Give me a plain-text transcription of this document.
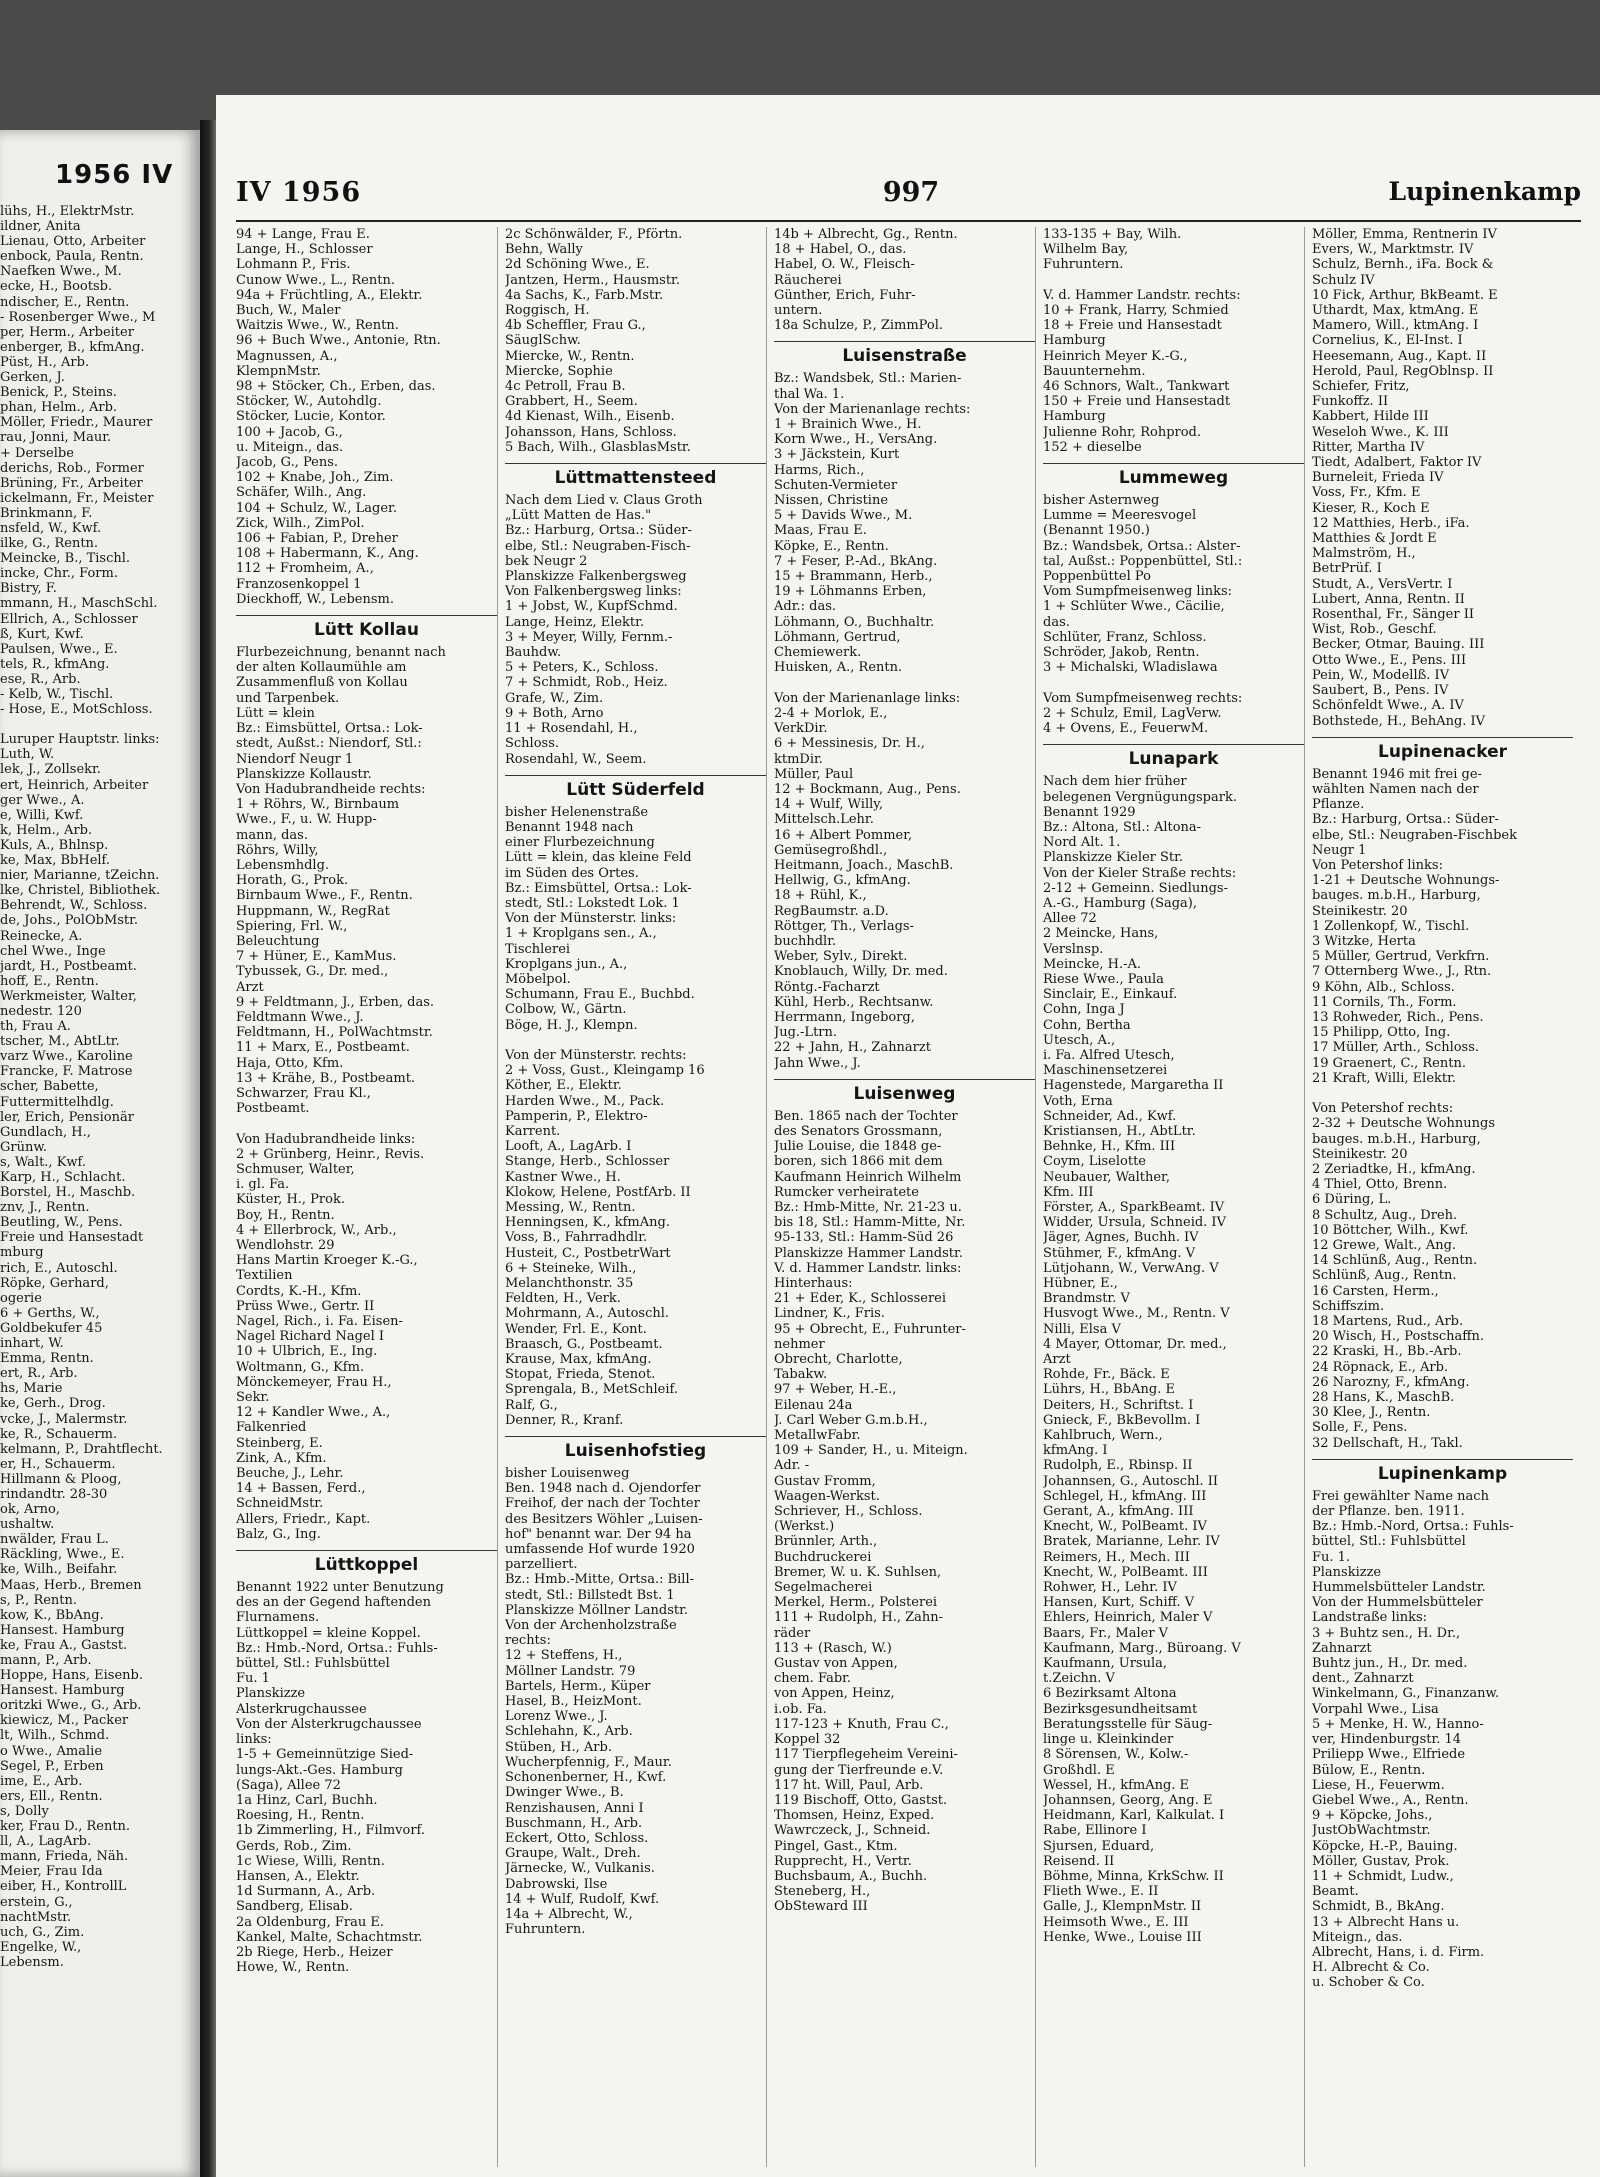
1956 IV
lühs, H., ElektrMstr.
ildner, Anita
Lienau, Otto, Arbeiter
enbock, Paula, Rentn.
Naefken Wwe., M.
ecke, H., Bootsb.
ndischer, E., Rentn.
- Rosenberger Wwe., M
per, Herm., Arbeiter
enberger, B., kfmAng.
Püst, H., Arb.
Gerken, J.
Benick, P., Steins.
phan, Helm., Arb.
Möller, Friedr., Maurer
rau, Jonni, Maur.
+ Derselbe
derichs, Rob., Former
Brüning, Fr., Arbeiter
ickelmann, Fr., Meister
Brinkmann, F.
nsfeld, W., Kwf.
ilke, G., Rentn.
Meincke, B., Tischl.
incke, Chr., Form.
Bistry, F.
mmann, H., MaschSchl.
Ellrich, A., Schlosser
ß, Kurt, Kwf.
Paulsen, Wwe., E.
tels, R., kfmAng.
ese, R., Arb.
- Kelb, W., Tischl.
- Hose, E., MotSchloss.

Luruper Hauptstr. links:
Luth, W.
lek, J., Zollsekr.
ert, Heinrich, Arbeiter
ger Wwe., A.
e, Willi, Kwf.
k, Helm., Arb.
Kuls, A., Bhlnsp.
ke, Max, BbHelf.
nier, Marianne, tZeichn.
lke, Christel, Bibliothek.
Behrendt, W., Schloss.
de, Johs., PolObMstr.
Reinecke, A.
chel Wwe., Inge
jardt, H., Postbeamt.
hoff, E., Rentn.
Werkmeister, Walter,
nedestr. 120
th, Frau A.
tscher, M., AbtLtr.
varz Wwe., Karoline
Francke, F. Matrose
scher, Babette,
Futtermittelhdlg.
ler, Erich, Pensionär
Gundlach, H.,
Grünw.
s, Walt., Kwf.
Karp, H., Schlacht.
Borstel, H., Maschb.
znv, J., Rentn.
Beutling, W., Pens.
Freie und Hansestadt
mburg
rich, E., Autoschl.
Röpke, Gerhard,
ogerie
6 + Gerths, W.,
Goldbekufer 45
inhart, W.
Emma, Rentn.
ert, R., Arb.
hs, Marie
ke, Gerh., Drog.
vcke, J., Malermstr.
ke, R., Schauerm.
kelmann, P., Drahtflecht.
er, H., Schauerm.
Hillmann & Ploog,
rindandtr. 28-30
ok, Arno,
ushaltw.
nwälder, Frau L.
Räckling, Wwe., E.
ke, Wilh., Beifahr.
Maas, Herb., Bremen
s, P., Rentn.
kow, K., BbAng.
Hansest. Hamburg
ke, Frau A., Gastst.
mann, P., Arb.
Hoppe, Hans, Eisenb.
Hansest. Hamburg
oritzki Wwe., G., Arb.
kiewicz, M., Packer
lt, Wilh., Schmd.
o Wwe., Amalie
Segel, P., Erben
ime, E., Arb.
ers, Ell., Rentn.
s, Dolly
ker, Frau D., Rentn.
ll, A., LagArb.
mann, Frieda, Näh.
Meier, Frau Ida
eiber, H., KontrollL
erstein, G.,
nachtMstr.
uch, G., Zim.
Engelke, W.,
Lebensm.
IV 1956	997	Lupinenkamp
94 + Lange, Frau E.
Lange, H., Schlosser
Lohmann P., Fris.
Cunow Wwe., L., Rentn.
94a + Früchtling, A., Elektr.
Buch, W., Maler
Waitzis Wwe., W., Rentn.
96 + Buch Wwe., Antonie, Rtn.
Magnussen, A.,
KlempnMstr.
98 + Stöcker, Ch., Erben, das.
Stöcker, W., Autohdlg.
Stöcker, Lucie, Kontor.
100 + Jacob, G.,
u. Miteign., das.
Jacob, G., Pens.
102 + Knabe, Joh., Zim.
Schäfer, Wilh., Ang.
104 + Schulz, W., Lager.
Zick, Wilh., ZimPol.
106 + Fabian, P., Dreher
108 + Habermann, K., Ang.
112 + Fromheim, A.,
Franzosenkoppel 1
Dieckhoff, W., Lebensm.
Lütt Kollau
Flurbezeichnung, benannt nach
der alten Kollaumühle am
Zusammenfluß von Kollau
und Tarpenbek.
Lütt = klein
Bz.: Eimsbüttel, Ortsa.: Lok-
stedt, Außst.: Niendorf, Stl.:
Niendorf Neugr 1
Planskizze Kollaustr.
Von Hadubrandheide rechts:
1 + Röhrs, W., Birnbaum
Wwe., F., u. W. Hupp-
mann, das.
Röhrs, Willy,
Lebensmhdlg.
Horath, G., Prok.
Birnbaum Wwe., F., Rentn.
Huppmann, W., RegRat
Spiering, Frl. W.,
Beleuchtung
7 + Hüner, E., KamMus.
Tybussek, G., Dr. med.,
Arzt
9 + Feldtmann, J., Erben, das.
Feldtmann Wwe., J.
Feldtmann, H., PolWachtmstr.
11 + Marx, E., Postbeamt.
Haja, Otto, Kfm.
13 + Krähe, B., Postbeamt.
Schwarzer, Frau Kl.,
Postbeamt.

Von Hadubrandheide links:
2 + Grünberg, Heinr., Revis.
Schmuser, Walter,
i. gl. Fa.
Küster, H., Prok.
Boy, H., Rentn.
4 + Ellerbrock, W., Arb.,
Wendlohstr. 29
Hans Martin Kroeger K.-G.,
Textilien
Cordts, K.-H., Kfm.
Prüss Wwe., Gertr. II
Nagel, Rich., i. Fa. Eisen-
Nagel Richard Nagel I
10 + Ulbrich, E., Ing.
Woltmann, G., Kfm.
Mönckemeyer, Frau H.,
Sekr.
12 + Kandler Wwe., A.,
Falkenried
Steinberg, E.
Zink, A., Kfm.
Beuche, J., Lehr.
14 + Bassen, Ferd.,
SchneidMstr.
Allers, Friedr., Kapt.
Balz, G., Ing.
Lüttkoppel
Benannt 1922 unter Benutzung
des an der Gegend haftenden
Flurnamens.
Lüttkoppel = kleine Koppel.
Bz.: Hmb.-Nord, Ortsa.: Fuhls-
büttel, Stl.: Fuhlsbüttel
Fu. 1
Planskizze
Alsterkrugchaussee
Von der Alsterkrugchaussee
links:
1-5 + Gemeinnützige Sied-
lungs-Akt.-Ges. Hamburg
(Saga), Allee 72
1a Hinz, Carl, Buchh.
Roesing, H., Rentn.
1b Zimmerling, H., Filmvorf.
Gerds, Rob., Zim.
1c Wiese, Willi, Rentn.
Hansen, A., Elektr.
1d Surmann, A., Arb.
Sandberg, Elisab.
2a Oldenburg, Frau E.
Kankel, Malte, Schachtmstr.
2b Riege, Herb., Heizer
Howe, W., Rentn.
2c Schönwälder, F., Pförtn.
Behn, Wally
2d Schöning Wwe., E.
Jantzen, Herm., Hausmstr.
4a Sachs, K., Farb.Mstr.
Roggisch, H.
4b Scheffler, Frau G.,
SäuglSchw.
Miercke, W., Rentn.
Miercke, Sophie
4c Petroll, Frau B.
Grabbert, H., Seem.
4d Kienast, Wilh., Eisenb.
Johansson, Hans, Schloss.
5 Bach, Wilh., GlasblasMstr.
Lüttmattensteed
Nach dem Lied v. Claus Groth
„Lütt Matten de Has."
Bz.: Harburg, Ortsa.: Süder-
elbe, Stl.: Neugraben-Fisch-
bek Neugr 2
Planskizze Falkenbergsweg
Von Falkenbergsweg links:
1 + Jobst, W., KupfSchmd.
Lange, Heinz, Elektr.
3 + Meyer, Willy, Fernm.-
Bauhdw.
5 + Peters, K., Schloss.
7 + Schmidt, Rob., Heiz.
Grafe, W., Zim.
9 + Both, Arno
11 + Rosendahl, H.,
Schloss.
Rosendahl, W., Seem.
Lütt Süderfeld
bisher Helenenstraße
Benannt 1948 nach
einer Flurbezeichnung
Lütt = klein, das kleine Feld
im Süden des Ortes.
Bz.: Eimsbüttel, Ortsa.: Lok-
stedt, Stl.: Lokstedt Lok. 1
Von der Münsterstr. links:
1 + Kroplgans sen., A.,
Tischlerei
Kroplgans jun., A.,
Möbelpol.
Schumann, Frau E., Buchbd.
Colbow, W., Gärtn.
Böge, H. J., Klempn.

Von der Münsterstr. rechts:
2 + Voss, Gust., Kleingamp 16
Köther, E., Elektr.
Harden Wwe., M., Pack.
Pamperin, P., Elektro-
Karrent.
Looft, A., LagArb. I
Stange, Herb., Schlosser
Kastner Wwe., H.
Klokow, Helene, PostfArb. II
Messing, W., Rentn.
Henningsen, K., kfmAng.
Voss, B., Fahrradhdlr.
Husteit, C., PostbetrWart
6 + Steineke, Wilh.,
Melanchthonstr. 35
Feldten, H., Verk.
Mohrmann, A., Autoschl.
Wender, Frl. E., Kont.
Braasch, G., Postbeamt.
Krause, Max, kfmAng.
Stopat, Frieda, Stenot.
Sprengala, B., MetSchleif.
Ralf, G.,
Denner, R., Kranf.
Luisenhofstieg
bisher Louisenweg
Ben. 1948 nach d. Ojendorfer
Freihof, der nach der Tochter
des Besitzers Wöhler „Luisen-
hof" benannt war. Der 94 ha
umfassende Hof wurde 1920
parzelliert.
Bz.: Hmb.-Mitte, Ortsa.: Bill-
stedt, Stl.: Billstedt Bst. 1
Planskizze Möllner Landstr.
Von der Archenholzstraße
rechts:
12 + Steffens, H.,
Möllner Landstr. 79
Bartels, Herm., Küper
Hasel, B., HeizMont.
Lorenz Wwe., J.
Schlehahn, K., Arb.
Stüben, H., Arb.
Wucherpfennig, F., Maur.
Schonenberner, H., Kwf.
Dwinger Wwe., B.
Renzishausen, Anni I
Buschmann, H., Arb.
Eckert, Otto, Schloss.
Graupe, Walt., Dreh.
Järnecke, W., Vulkanis.
Dabrowski, Ilse
14 + Wulf, Rudolf, Kwf.
14a + Albrecht, W.,
Fuhruntern.
14b + Albrecht, Gg., Rentn.
18 + Habel, O., das.
Habel, O. W., Fleisch-
Räucherei
Günther, Erich, Fuhr-
untern.
18a Schulze, P., ZimmPol.
Luisenstraße
Bz.: Wandsbek, Stl.: Marien-
thal Wa. 1.
Von der Marienanlage rechts:
1 + Brainich Wwe., H.
Korn Wwe., H., VersAng.
3 + Jäckstein, Kurt
Harms, Rich.,
Schuten-Vermieter
Nissen, Christine
5 + Davids Wwe., M.
Maas, Frau E.
Köpke, E., Rentn.
7 + Feser, P.-Ad., BkAng.
15 + Brammann, Herb.,
19 + Löhmanns Erben,
Adr.: das.
Löhmann, O., Buchhaltr.
Löhmann, Gertrud,
Chemiewerk.
Huisken, A., Rentn.

Von der Marienanlage links:
2-4 + Morlok, E.,
VerkDir.
6 + Messinesis, Dr. H.,
ktmDir.
Müller, Paul
12 + Bockmann, Aug., Pens.
14 + Wulf, Willy,
Mittelsch.Lehr.
16 + Albert Pommer,
Gemüsegroßhdl.,
Heitmann, Joach., MaschB.
Hellwig, G., kfmAng.
18 + Rühl, K.,
RegBaumstr. a.D.
Röttger, Th., Verlags-
buchhdlr.
Weber, Sylv., Direkt.
Knoblauch, Willy, Dr. med.
Röntg.-Facharzt
Kühl, Herb., Rechtsanw.
Herrmann, Ingeborg,
Jug.-Ltrn.
22 + Jahn, H., Zahnarzt
Jahn Wwe., J.
Luisenweg
Ben. 1865 nach der Tochter
des Senators Grossmann,
Julie Louise, die 1848 ge-
boren, sich 1866 mit dem
Kaufmann Heinrich Wilhelm
Rumcker verheiratete
Bz.: Hmb-Mitte, Nr. 21-23 u.
bis 18, Stl.: Hamm-Mitte, Nr.
95-133, Stl.: Hamm-Süd 26
Planskizze Hammer Landstr.
V. d. Hammer Landstr. links:
Hinterhaus:
21 + Eder, K., Schlosserei
Lindner, K., Fris.
95 + Obrecht, E., Fuhrunter-
nehmer
Obrecht, Charlotte,
Tabakw.
97 + Weber, H.-E.,
Eilenau 24a
J. Carl Weber G.m.b.H.,
MetallwFabr.
109 + Sander, H., u. Miteign.
Adr. -
Gustav Fromm,
Waagen-Werkst.
Schriever, H., Schloss.
(Werkst.)
Brünnler, Arth.,
Buchdruckerei
Bremer, W. u. K. Suhlsen,
Segelmacherei
Merkel, Herm., Polsterei
111 + Rudolph, H., Zahn-
räder
113 + (Rasch, W.)
Gustav von Appen,
chem. Fabr.
von Appen, Heinz,
i.ob. Fa.
117-123 + Knuth, Frau C.,
Koppel 32
117 Tierpflegeheim Vereini-
gung der Tierfreunde e.V.
117 ht. Will, Paul, Arb.
119 Bischoff, Otto, Gastst.
Thomsen, Heinz, Exped.
Wawrczeck, J., Schneid.
Pingel, Gast., Ktm.
Rupprecht, H., Vertr.
Buchsbaum, A., Buchh.
Steneberg, H.,
ObSteward III
133-135 + Bay, Wilh.
Wilhelm Bay,
Fuhruntern.

V. d. Hammer Landstr. rechts:
10 + Frank, Harry, Schmied
18 + Freie und Hansestadt
Hamburg
Heinrich Meyer K.-G.,
Bauunternehm.
46 Schnors, Walt., Tankwart
150 + Freie und Hansestadt
Hamburg
Julienne Rohr, Rohprod.
152 + dieselbe
Lummeweg
bisher Asternweg
Lumme = Meeresvogel
(Benannt 1950.)
Bz.: Wandsbek, Ortsa.: Alster-
tal, Außst.: Poppenbüttel, Stl.:
Poppenbüttel Po
Vom Sumpfmeisenweg links:
1 + Schlüter Wwe., Cäcilie,
das.
Schlüter, Franz, Schloss.
Schröder, Jakob, Rentn.
3 + Michalski, Wladislawa

Vom Sumpfmeisenweg rechts:
2 + Schulz, Emil, LagVerw.
4 + Ovens, E., FeuerwM.
Lunapark
Nach dem hier früher
belegenen Vergnügungspark.
Benannt 1929
Bz.: Altona, Stl.: Altona-
Nord Alt. 1.
Planskizze Kieler Str.
Von der Kieler Straße rechts:
2-12 + Gemeinn. Siedlungs-
A.-G., Hamburg (Saga),
Allee 72
2 Meincke, Hans,
Verslnsp.
Meincke, H.-A.
Riese Wwe., Paula
Sinclair, E., Einkauf.
Cohn, Inga J
Cohn, Bertha
Utesch, A.,
i. Fa. Alfred Utesch,
Maschinensetzerei
Hagenstede, Margaretha II
Voth, Erna
Schneider, Ad., Kwf.
Kristiansen, H., AbtLtr.
Behnke, H., Kfm. III
Coym, Liselotte
Neubauer, Walther,
Kfm. III
Förster, A., SparkBeamt. IV
Widder, Ursula, Schneid. IV
Jäger, Agnes, Buchh. IV
Stühmer, F., kfmAng. V
Lütjohann, W., VerwAng. V
Hübner, E.,
Brandmstr. V
Husvogt Wwe., M., Rentn. V
Nilli, Elsa V
4 Mayer, Ottomar, Dr. med.,
Arzt
Rohde, Fr., Bäck. E
Lührs, H., BbAng. E
Deiters, H., Schriftst. I
Gnieck, F., BkBevollm. I
Kahlbruch, Wern.,
kfmAng. I
Rudolph, E., Rbinsp. II
Johannsen, G., Autoschl. II
Schlegel, H., kfmAng. III
Gerant, A., kfmAng. III
Knecht, W., PolBeamt. IV
Bratek, Marianne, Lehr. IV
Reimers, H., Mech. III
Knecht, W., PolBeamt. III
Rohwer, H., Lehr. IV
Hansen, Kurt, Schiff. V
Ehlers, Heinrich, Maler V
Baars, Fr., Maler V
Kaufmann, Marg., Büroang. V
Kaufmann, Ursula,
t.Zeichn. V
6 Bezirksamt Altona
Bezirksgesundheitsamt
Beratungsstelle für Säug-
linge u. Kleinkinder
8 Sörensen, W., Kolw.-
Großhdl. E
Wessel, H., kfmAng. E
Johannsen, Georg, Ang. E
Heidmann, Karl, Kalkulat. I
Rabe, Ellinore I
Sjursen, Eduard,
Reisend. II
Böhme, Minna, KrkSchw. II
Flieth Wwe., E. II
Galle, J., KlempnMstr. II
Heimsoth Wwe., E. III
Henke, Wwe., Louise III
Möller, Emma, Rentnerin IV
Evers, W., Marktmstr. IV
Schulz, Bernh., iFa. Bock &
Schulz IV
10 Fick, Arthur, BkBeamt. E
Uthardt, Max, ktmAng. E
Mamero, Will., ktmAng. I
Cornelius, K., El-Inst. I
Heesemann, Aug., Kapt. II
Herold, Paul, RegOblnsp. II
Schiefer, Fritz,
Funkoffz. II
Kabbert, Hilde III
Weseloh Wwe., K. III
Ritter, Martha IV
Tiedt, Adalbert, Faktor IV
Burneleit, Frieda IV
Voss, Fr., Kfm. E
Kieser, R., Koch E
12 Matthies, Herb., iFa.
Matthies & Jordt E
Malmström, H.,
BetrPrüf. I
Studt, A., VersVertr. I
Lubert, Anna, Rentn. II
Rosenthal, Fr., Sänger II
Wist, Rob., Geschf.
Becker, Otmar, Bauing. III
Otto Wwe., E., Pens. III
Pein, W., Modellß. IV
Saubert, B., Pens. IV
Schönfeldt Wwe., A. IV
Bothstede, H., BehAng. IV
Lupinenacker
Benannt 1946 mit frei ge-
wählten Namen nach der
Pflanze.
Bz.: Harburg, Ortsa.: Süder-
elbe, Stl.: Neugraben-Fischbek
Neugr 1
Von Petershof links:
1-21 + Deutsche Wohnungs-
bauges. m.b.H., Harburg,
Steinikestr. 20
1 Zollenkopf, W., Tischl.
3 Witzke, Herta
5 Müller, Gertrud, Verkfrn.
7 Otternberg Wwe., J., Rtn.
9 Köhn, Alb., Schloss.
11 Cornils, Th., Form.
13 Rohweder, Rich., Pens.
15 Philipp, Otto, Ing.
17 Müller, Arth., Schloss.
19 Graenert, C., Rentn.
21 Kraft, Willi, Elektr.

Von Petershof rechts:
2-32 + Deutsche Wohnungs
bauges. m.b.H., Harburg,
Steinikestr. 20
2 Zeriadtke, H., kfmAng.
4 Thiel, Otto, Brenn.
6 Düring, L.
8 Schultz, Aug., Dreh.
10 Böttcher, Wilh., Kwf.
12 Grewe, Walt., Ang.
14 Schlünß, Aug., Rentn.
Schlünß, Aug., Rentn.
16 Carsten, Herm.,
Schiffszim.
18 Martens, Rud., Arb.
20 Wisch, H., Postschaffn.
22 Kraski, H., Bb.-Arb.
24 Röpnack, E., Arb.
26 Narozny, F., kfmAng.
28 Hans, K., MaschB.
30 Klee, J., Rentn.
Solle, F., Pens.
32 Dellschaft, H., Takl.
Lupinenkamp
Frei gewählter Name nach
der Pflanze. ben. 1911.
Bz.: Hmb.-Nord, Ortsa.: Fuhls-
büttel, Stl.: Fuhlsbüttel
Fu. 1.
Planskizze
Hummelsbütteler Landstr.
Von der Hummelsbütteler
Landstraße links:
3 + Buhtz sen., H. Dr.,
Zahnarzt
Buhtz jun., H., Dr. med.
dent., Zahnarzt
Winkelmann, G., Finanzanw.
Vorpahl Wwe., Lisa
5 + Menke, H. W., Hanno-
ver, Hindenburgstr. 14
Priliepp Wwe., Elfriede
Bülow, E., Rentn.
Liese, H., Feuerwm.
Giebel Wwe., A., Rentn.
9 + Köpcke, Johs.,
JustObWachtmstr.
Köpcke, H.-P., Bauing.
Möller, Gustav, Prok.
11 + Schmidt, Ludw.,
Beamt.
Schmidt, B., BkAng.
13 + Albrecht Hans u.
Miteign., das.
Albrecht, Hans, i. d. Firm.
H. Albrecht & Co.
u. Schober & Co.
